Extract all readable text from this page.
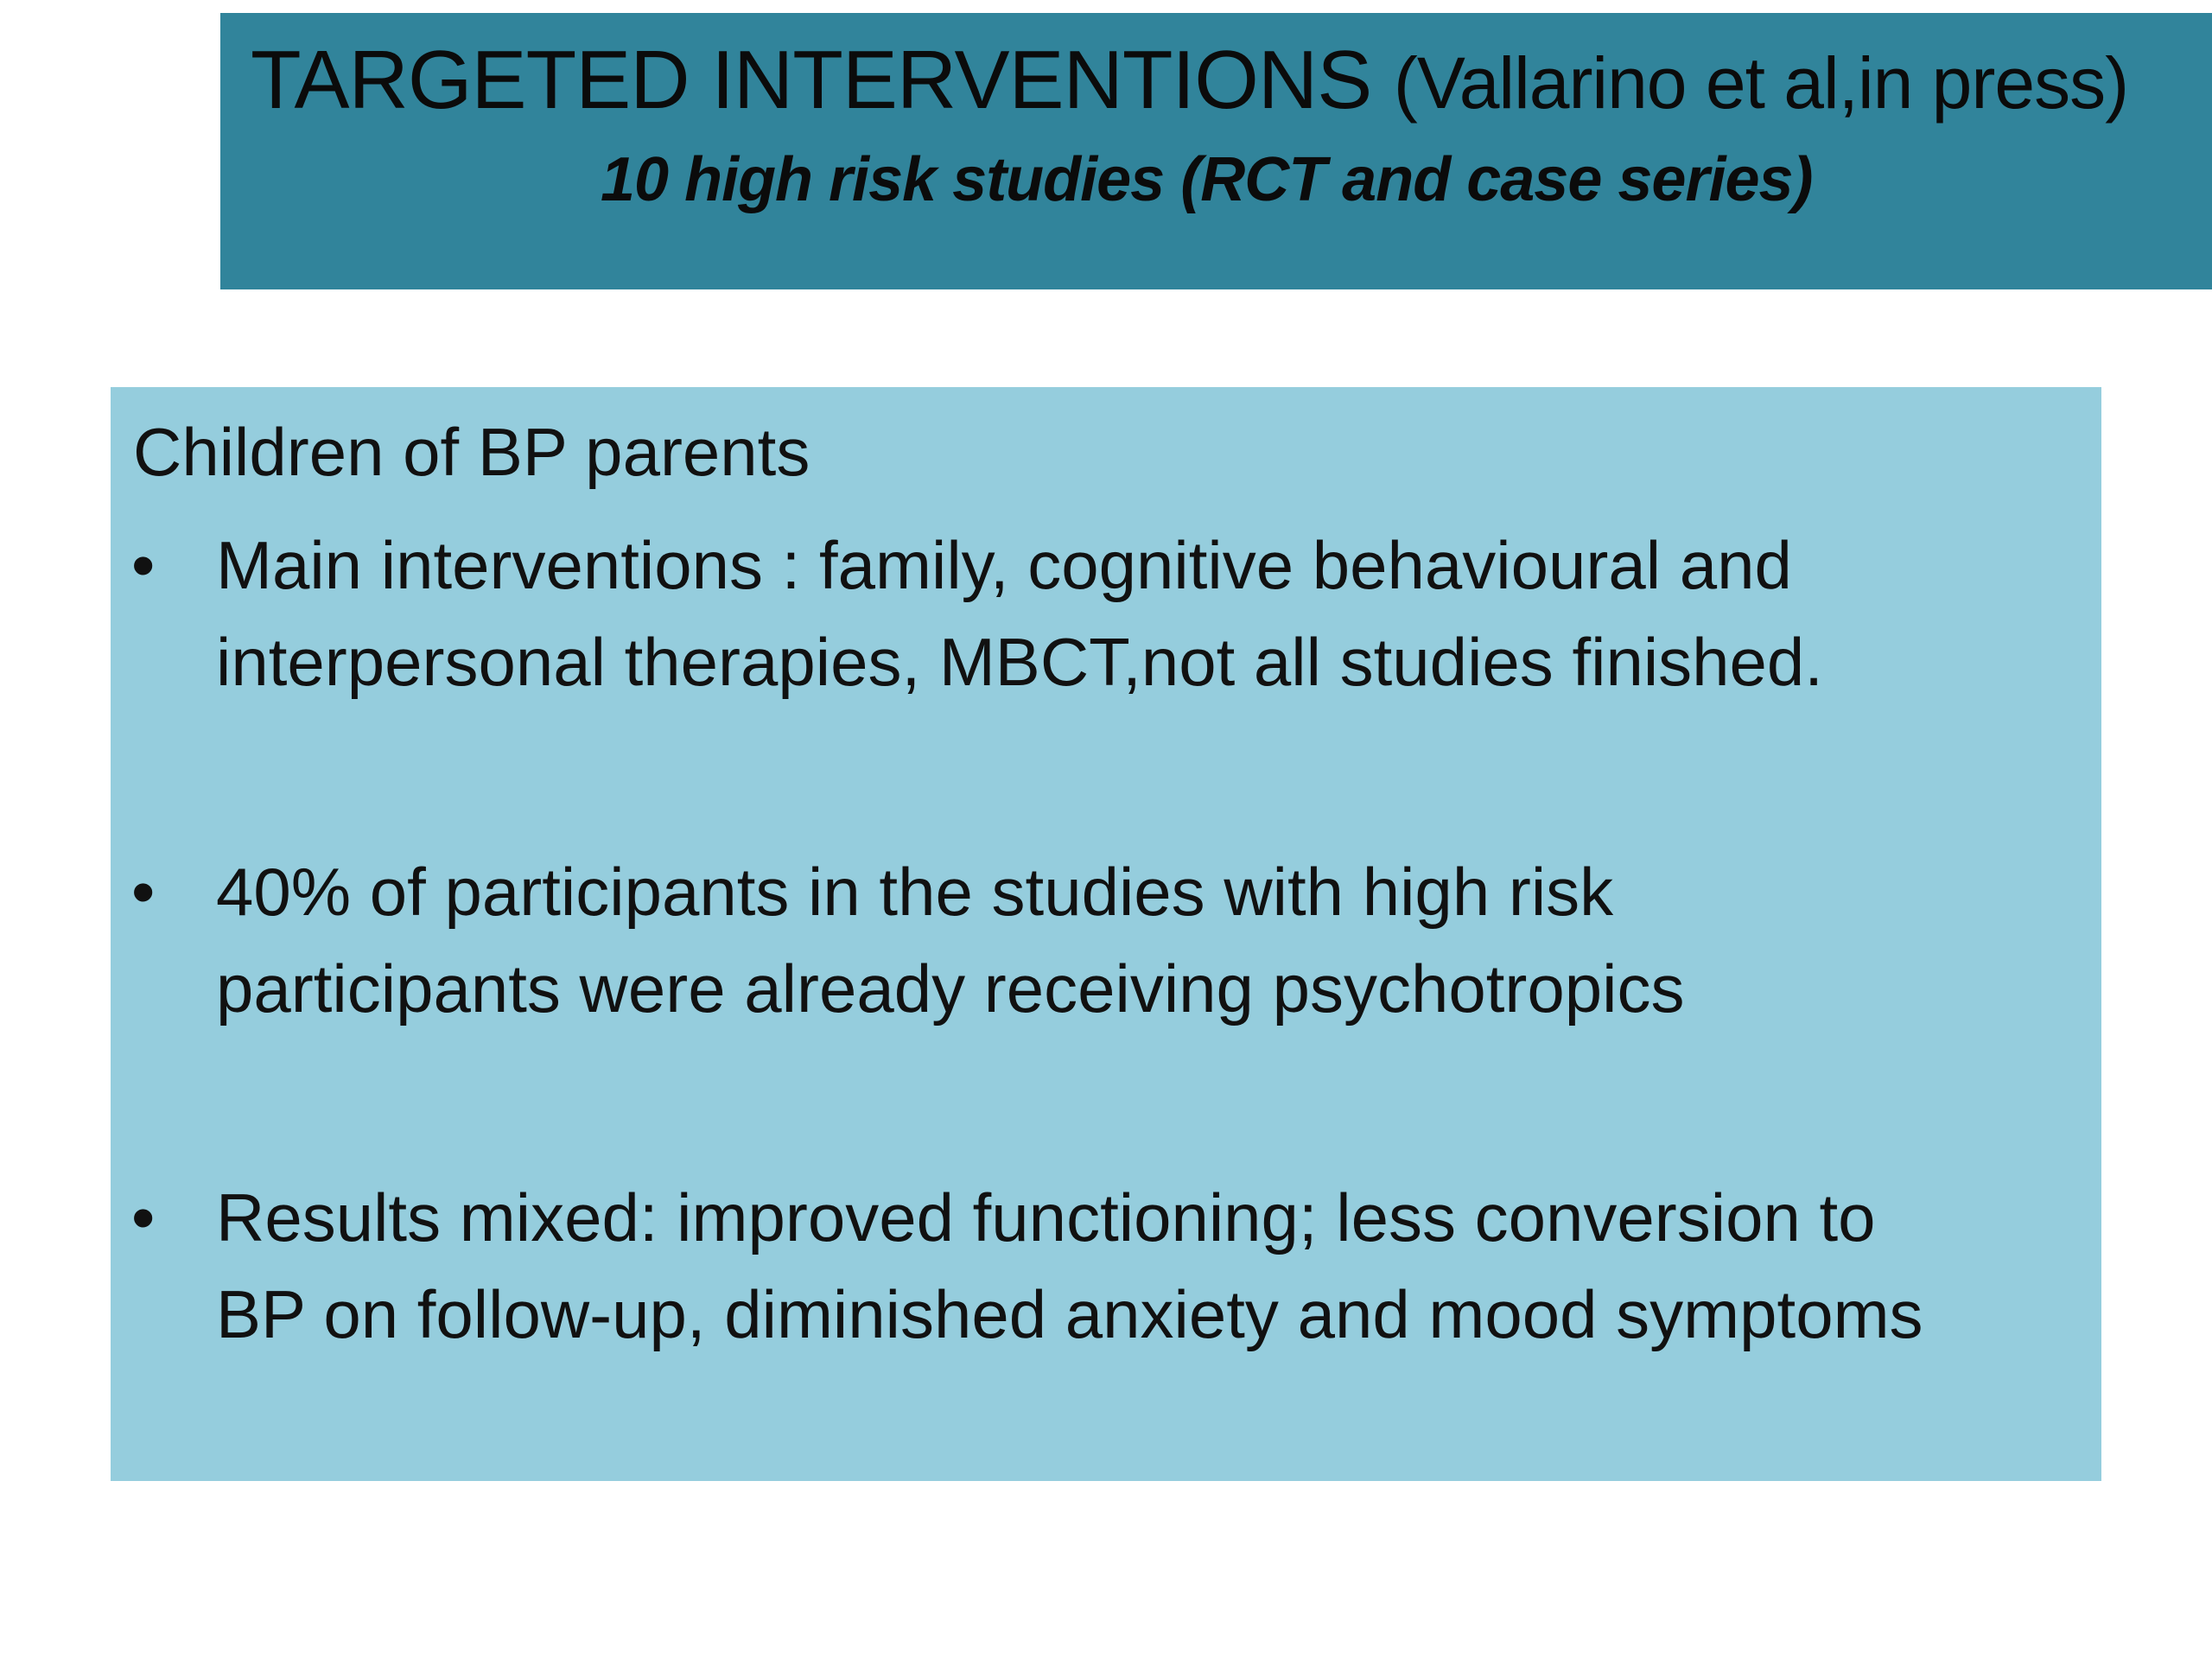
TARGETED INTERVENTIONS (Vallarino et al,in press)
10 high risk studies (RCT and case series)
Children of BP parents
• Main interventions : family, cognitive behavioural and
interpersonal therapies, MBCT,not all studies finished.
• 40% of participants in the studies with high risk
participants were already receiving psychotropics
• Results mixed: improved functioning; less conversion to
BP on follow-up, diminished anxiety and mood symptoms
